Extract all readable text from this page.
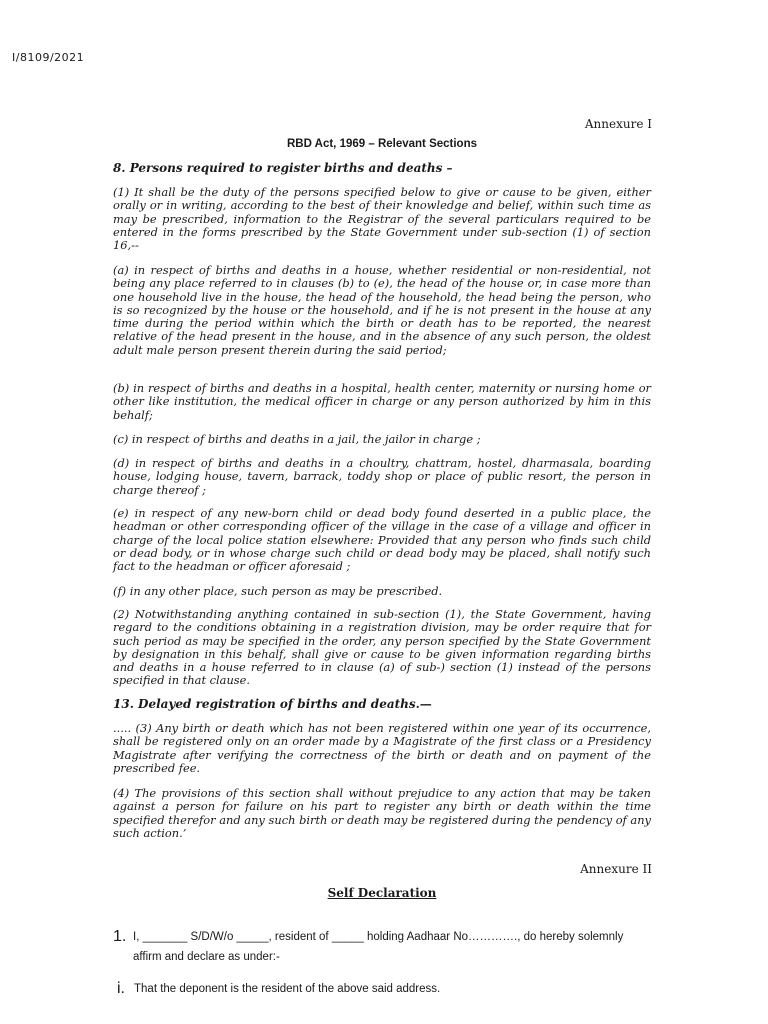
I/8109/2021
Annexure I
RBD Act, 1969 – Relevant Sections

8. Persons required to register births and deaths –

(1) It shall be the duty of the persons specified below to give or cause to be given, either orally or in writing, according to the best of their knowledge and belief, within such time as may be prescribed, information to the Registrar of the several particulars required to be entered in the forms prescribed by the State Government under sub-section (1) of section 16,--

(a) in respect of births and deaths in a house, whether residential or non-residential, not being any place referred to in clauses (b) to (e), the head of the house or, in case more than one household live in the house, the head of the household, the head being the person, who is so recognized by the house or the household, and if he is not present in the house at any time during the period within which the birth or death has to be reported, the nearest relative of the head present in the house, and in the absence of any such person, the oldest adult male person present therein during the said period;

(b) in respect of births and deaths in a hospital, health center, maternity or nursing home or other like institution, the medical officer in charge or any person authorized by him in this behalf;

(c) in respect of births and deaths in a jail, the jailor in charge ;

(d) in respect of births and deaths in a choultry, chattram, hostel, dharmasala, boarding house, lodging house, tavern, barrack, toddy shop or place of public resort, the person in charge thereof ;

(e) in respect of any new-born child or dead body found deserted in a public place, the headman or other corresponding officer of the village in the case of a village and officer in charge of the local police station elsewhere: Provided that any person who finds such child or dead body, or in whose charge such child or dead body may be placed, shall notify such fact to the headman or officer aforesaid ;

(f) in any other place, such person as may be prescribed.

(2) Notwithstanding anything contained in sub-section (1), the State Government, having regard to the conditions obtaining in a registration division, may be order require that for such period as may be specified in the order, any person specified by the State Government by designation in this behalf, shall give or cause to be given information regarding births and deaths in a house referred to in clause (a) of sub-) section (1) instead of the persons specified in that clause.

13. Delayed registration of births and deaths.—

..... (3) Any birth or death which has not been registered within one year of its occurrence, shall be registered only on an order made by a Magistrate of the first class or a Presidency Magistrate after verifying the correctness of the birth or death and on payment of the prescribed fee.

(4) The provisions of this section shall without prejudice to any action that may be taken against a person for failure on his part to register any birth or death within the time specified therefor and any such birth or death may be registered during the pendency of any such action.’

Self Declaration
1. I, _______ S/D/W/o _____, resident of _____ holding Aadhaar No…………., do hereby solemnly affirm and declare as under:-
i. That the deponent is the resident of the above said address.
Annexure II
